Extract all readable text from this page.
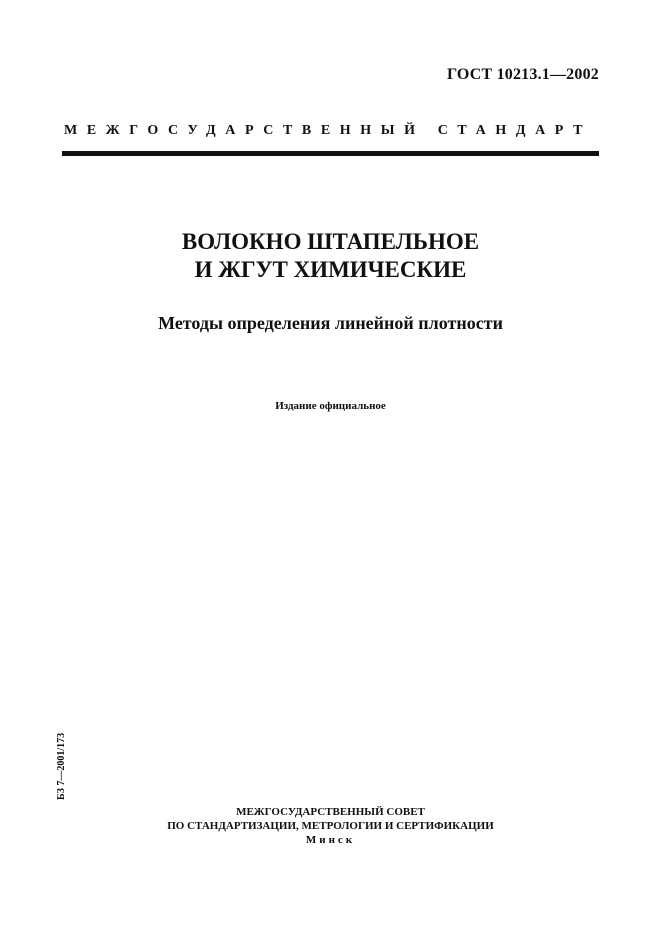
ГОСТ 10213.1—2002
МЕЖГОСУДАРСТВЕННЫЙ СТАНДАРТ
ВОЛОКНО ШТАПЕЛЬНОЕ
И ЖГУТ ХИМИЧЕСКИЕ
Методы определения линейной плотности
Издание официальное
БЗ 7—2001/173
МЕЖГОСУДАРСТВЕННЫЙ СОВЕТ
ПО СТАНДАРТИЗАЦИИ, МЕТРОЛОГИИ И СЕРТИФИКАЦИИ
Минск
